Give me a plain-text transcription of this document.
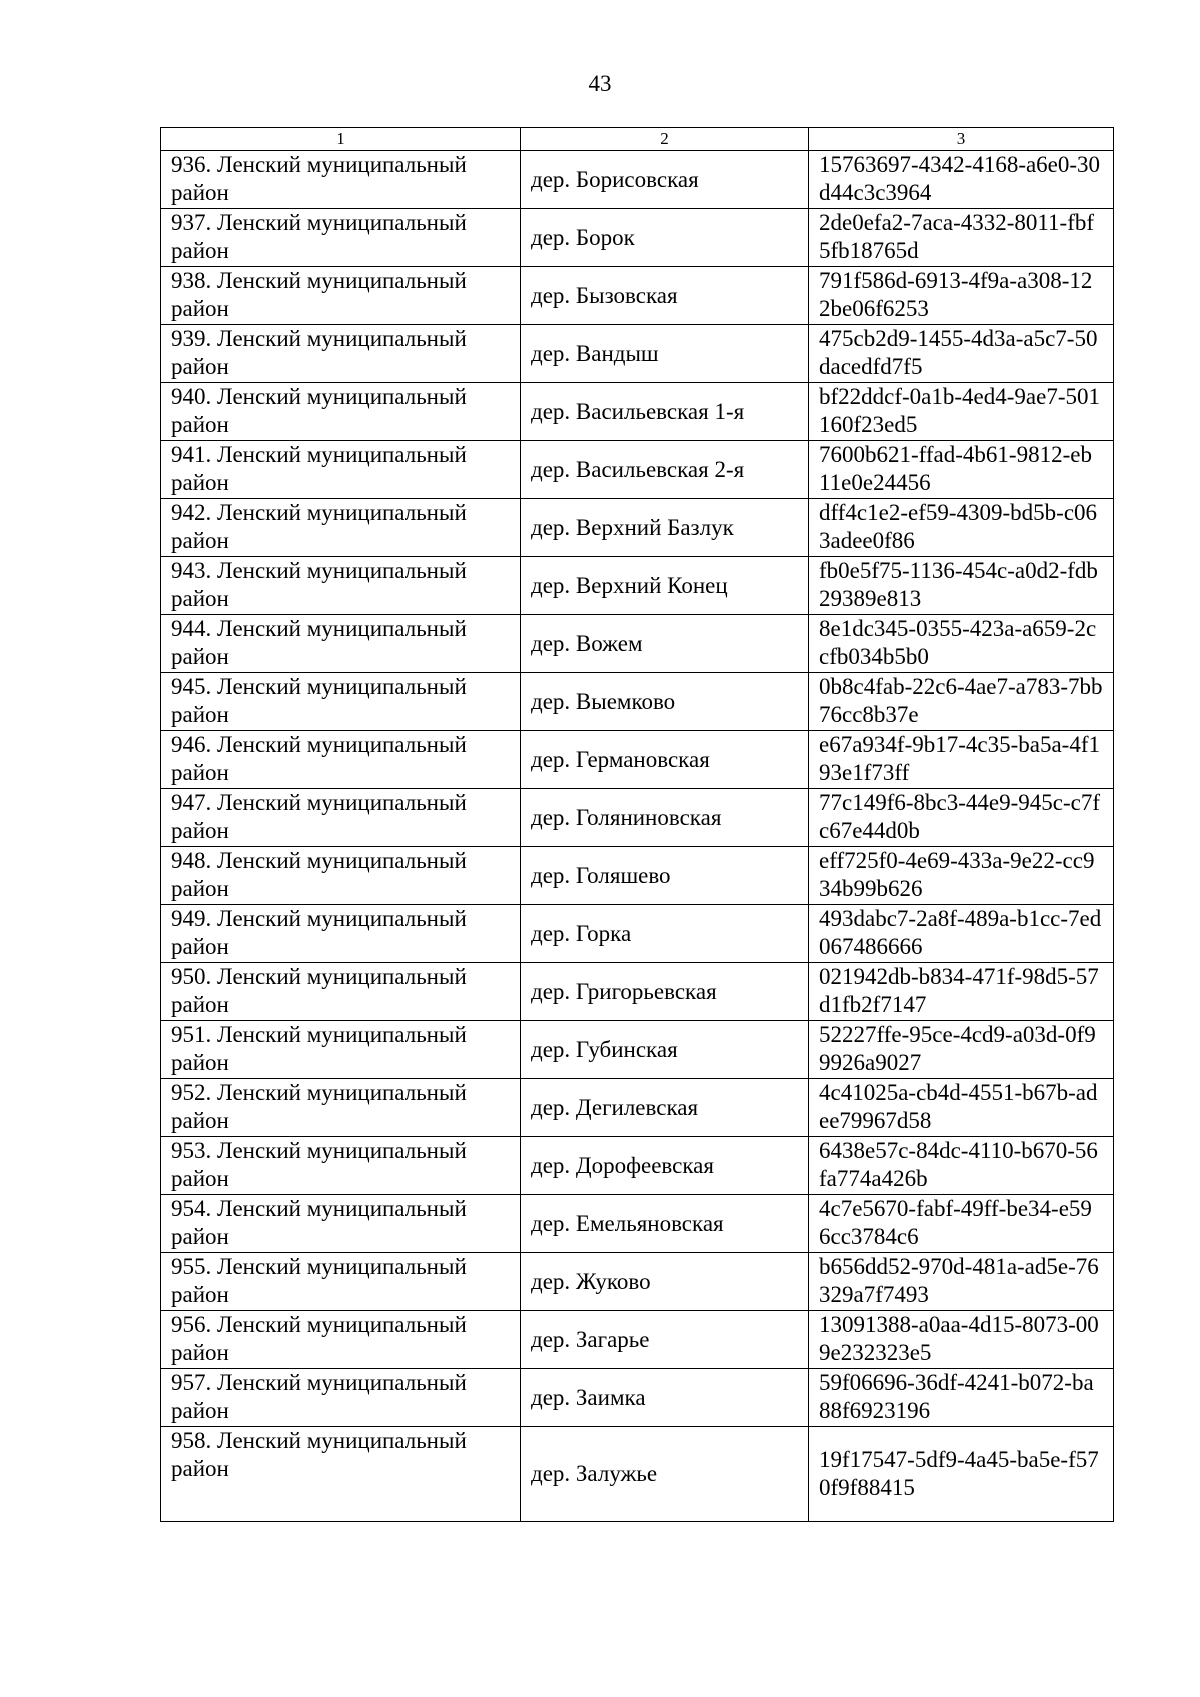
43
1	2	3
936. Ленский муниципальный район	дер. Борисовская	15763697-4342-4168-a6e0-30d44c3c3964
937. Ленский муниципальный район	дер. Борок	2de0efa2-7aca-4332-8011-fbf5fb18765d
938. Ленский муниципальный район	дер. Бызовская	791f586d-6913-4f9a-a308-122be06f6253
939. Ленский муниципальный район	дер. Вандыш	475cb2d9-1455-4d3a-a5c7-50dacedfd7f5
940. Ленский муниципальный район	дер. Васильевская 1-я	bf22ddcf-0a1b-4ed4-9ae7-501160f23ed5
941. Ленский муниципальный район	дер. Васильевская 2-я	7600b621-ffad-4b61-9812-eb11e0e24456
942. Ленский муниципальный район	дер. Верхний Базлук	dff4c1e2-ef59-4309-bd5b-c063adee0f86
943. Ленский муниципальный район	дер. Верхний Конец	fb0e5f75-1136-454c-a0d2-fdb29389e813
944. Ленский муниципальный район	дер. Вожем	8e1dc345-0355-423a-a659-2ccfb034b5b0
945. Ленский муниципальный район	дер. Выемково	0b8c4fab-22c6-4ae7-a783-7bb76cc8b37e
946. Ленский муниципальный район	дер. Германовская	e67a934f-9b17-4c35-ba5a-4f193e1f73ff
947. Ленский муниципальный район	дер. Голяниновская	77c149f6-8bc3-44e9-945c-c7fc67e44d0b
948. Ленский муниципальный район	дер. Голяшево	eff725f0-4e69-433a-9e22-cc934b99b626
949. Ленский муниципальный район	дер. Горка	493dabc7-2a8f-489a-b1cc-7ed067486666
950. Ленский муниципальный район	дер. Григорьевская	021942db-b834-471f-98d5-57d1fb2f7147
951. Ленский муниципальный район	дер. Губинская	52227ffe-95ce-4cd9-a03d-0f99926a9027
952. Ленский муниципальный район	дер. Дегилевская	4c41025a-cb4d-4551-b67b-adee79967d58
953. Ленский муниципальный район	дер. Дорофеевская	6438e57c-84dc-4110-b670-56fa774a426b
954. Ленский муниципальный район	дер. Емельяновская	4c7e5670-fabf-49ff-be34-e596cc3784c6
955. Ленский муниципальный район	дер. Жуково	b656dd52-970d-481a-ad5e-76329a7f7493
956. Ленский муниципальный район	дер. Загарье	13091388-a0aa-4d15-8073-009e232323e5
957. Ленский муниципальный район	дер. Заимка	59f06696-36df-4241-b072-ba88f6923196
958. Ленский муниципальный район	дер. Залужье	19f17547-5df9-4a45-ba5e-f570f9f88415
